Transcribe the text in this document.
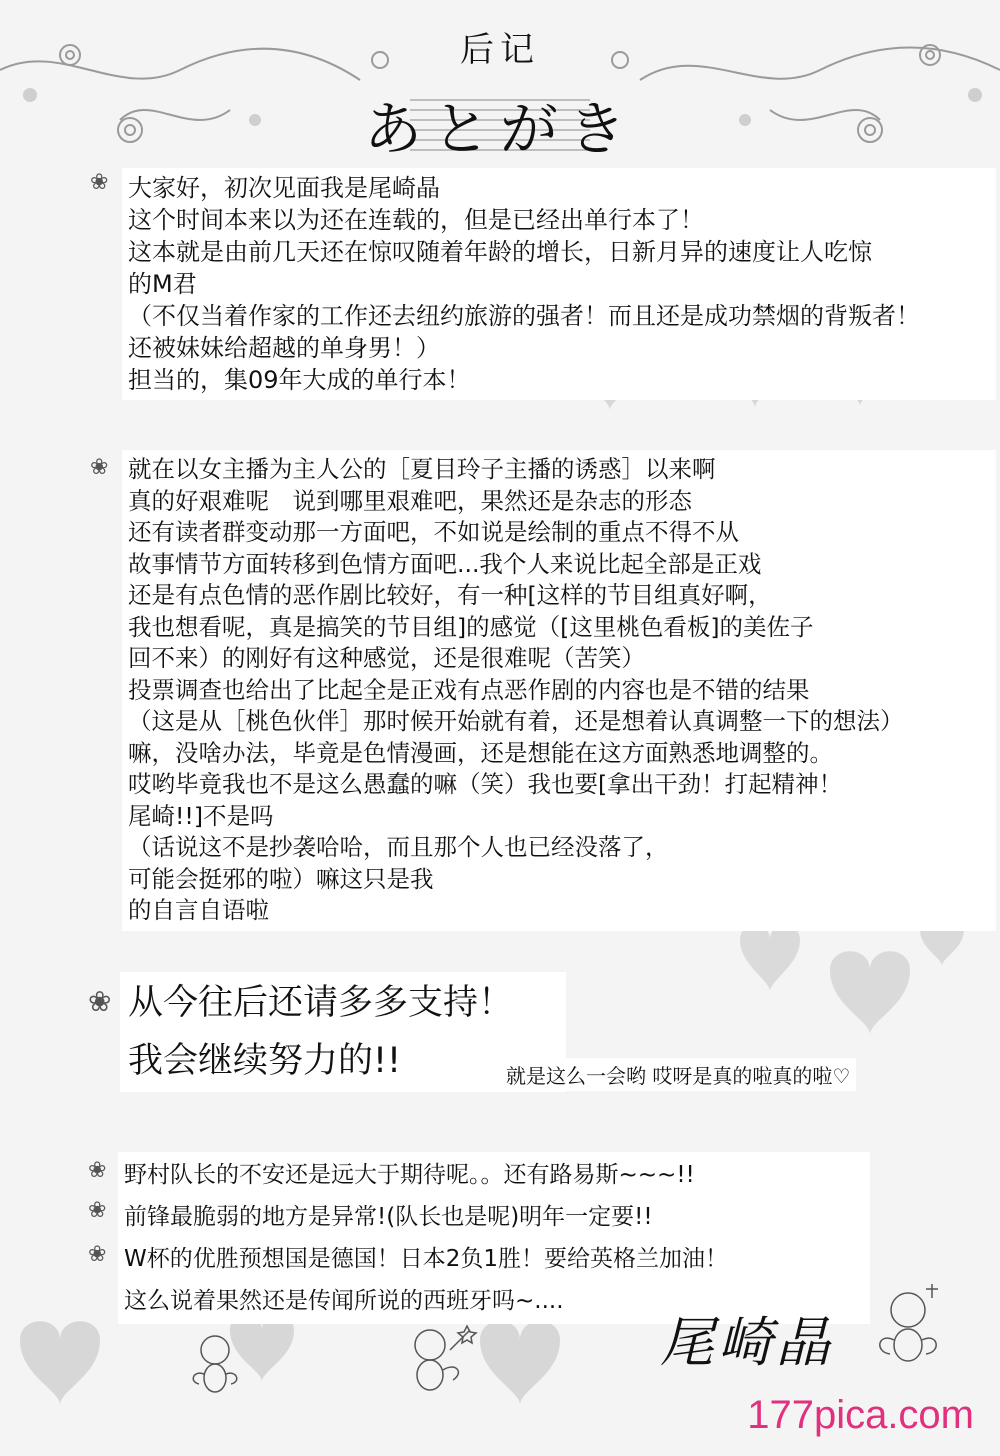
后记
あとがき
❀ 大家好，初次见面我是尾崎晶
这个时间本来以为还在连载的，但是已经出单行本了！
这本就是由前几天还在惊叹随着年龄的增长，日新月异的速度让人吃惊
的M君
（不仅当着作家的工作还去纽约旅游的强者！而且还是成功禁烟的背叛者！
还被妹妹给超越的单身男！）
担当的，集09年大成的单行本！
❀ 就在以女主播为主人公的［夏目玲子主播的诱惑］以来啊
真的好艰难呢　说到哪里艰难吧，果然还是杂志的形态
还有读者群变动那一方面吧，不如说是绘制的重点不得不从
故事情节方面转移到色情方面吧...我个人来说比起全部是正戏
还是有点色情的恶作剧比较好，有一种[这样的节目组真好啊，
我也想看呢，真是搞笑的节目组]的感觉（[这里桃色看板]的美佐子
回不来）的刚好有这种感觉，还是很难呢（苦笑）
投票调查也给出了比起全是正戏有点恶作剧的内容也是不错的结果
（这是从［桃色伙伴］那时候开始就有着，还是想着认真调整一下的想法）
嘛，没啥办法，毕竟是色情漫画，还是想能在这方面熟悉地调整的。
哎哟毕竟我也不是这么愚蠢的嘛（笑）我也要[拿出干劲！打起精神！
尾崎!!]不是吗
（话说这不是抄袭哈哈，而且那个人也已经没落了，
可能会挺邪的啦）嘛这只是我
的自言自语啦
❀ 从今往后还请多多支持！
我会继续努力的!!	就是这么一会哟 哎呀是真的啦真的啦♡
❀
❀
❀
野村队长的不安还是远大于期待呢。。还有路易斯~~~!!
前锋最脆弱的地方是异常!(队长也是呢)明年一定要!!
W杯的优胜预想国是德国！日本2负1胜！要给英格兰加油！
这么说着果然还是传闻所说的西班牙吗~....
尾崎晶
177pica.com
